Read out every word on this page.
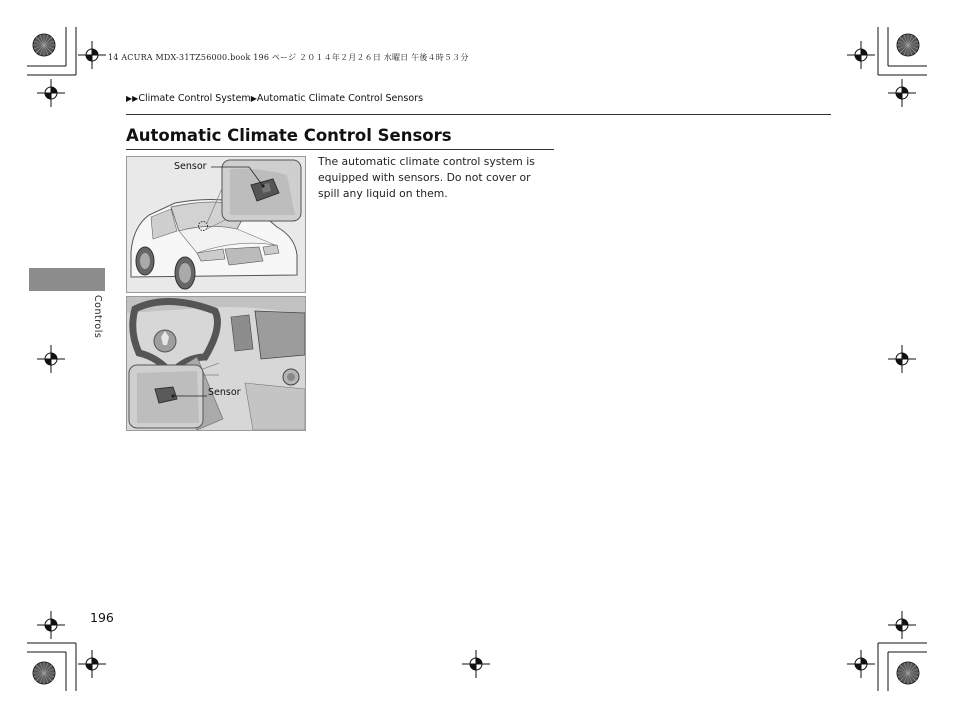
14 ACURA MDX-31TZ56000.book 196 ページ ２０１４年２月２６日 水曜日 午後４時５３分
▶▶Climate Control System▶Automatic Climate Control Sensors
Automatic Climate Control Sensors
The automatic climate control system is equipped with sensors. Do not cover or spill any liquid on them.
Sensor
Sensor
Controls
196
